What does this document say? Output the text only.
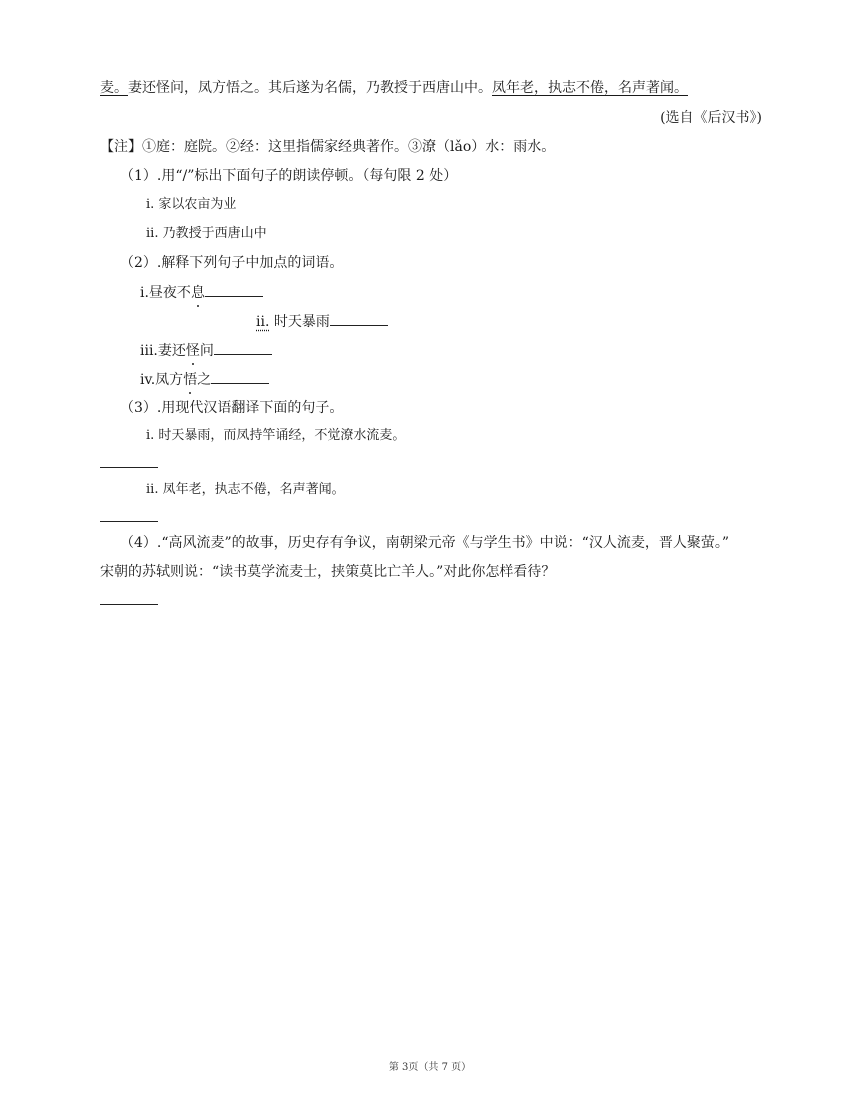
麦。妻还怪问，凤方悟之。其后遂为名儒，乃教授于西唐山中。凤年老，执志不倦，名声著闻。
(选自《后汉书》)
【注】①庭：庭院。②经：这里指儒家经典著作。③潦（lǎo）水：雨水。
（1）.用“/”标出下面句子的朗读停顿。（每句限 2 处）
i. 家以农亩为业
ii. 乃教授于西唐山中
（2）.解释下列句子中加点的词语。
i.昼夜不息
ii. 时天暴雨
iii.妻还怪问
iv.凤方悟之
（3）.用现代汉语翻译下面的句子。
i. 时天暴雨，而凤持竿诵经，不觉潦水流麦。
ii. 凤年老，执志不倦，名声著闻。
（4）.“高风流麦”的故事，历史存有争议，南朝梁元帝《与学生书》中说：“汉人流麦，晋人聚萤。”
宋朝的苏轼则说：“读书莫学流麦士，挟策莫比亡羊人。”对此你怎样看待？
第 3页（共 7 页）
